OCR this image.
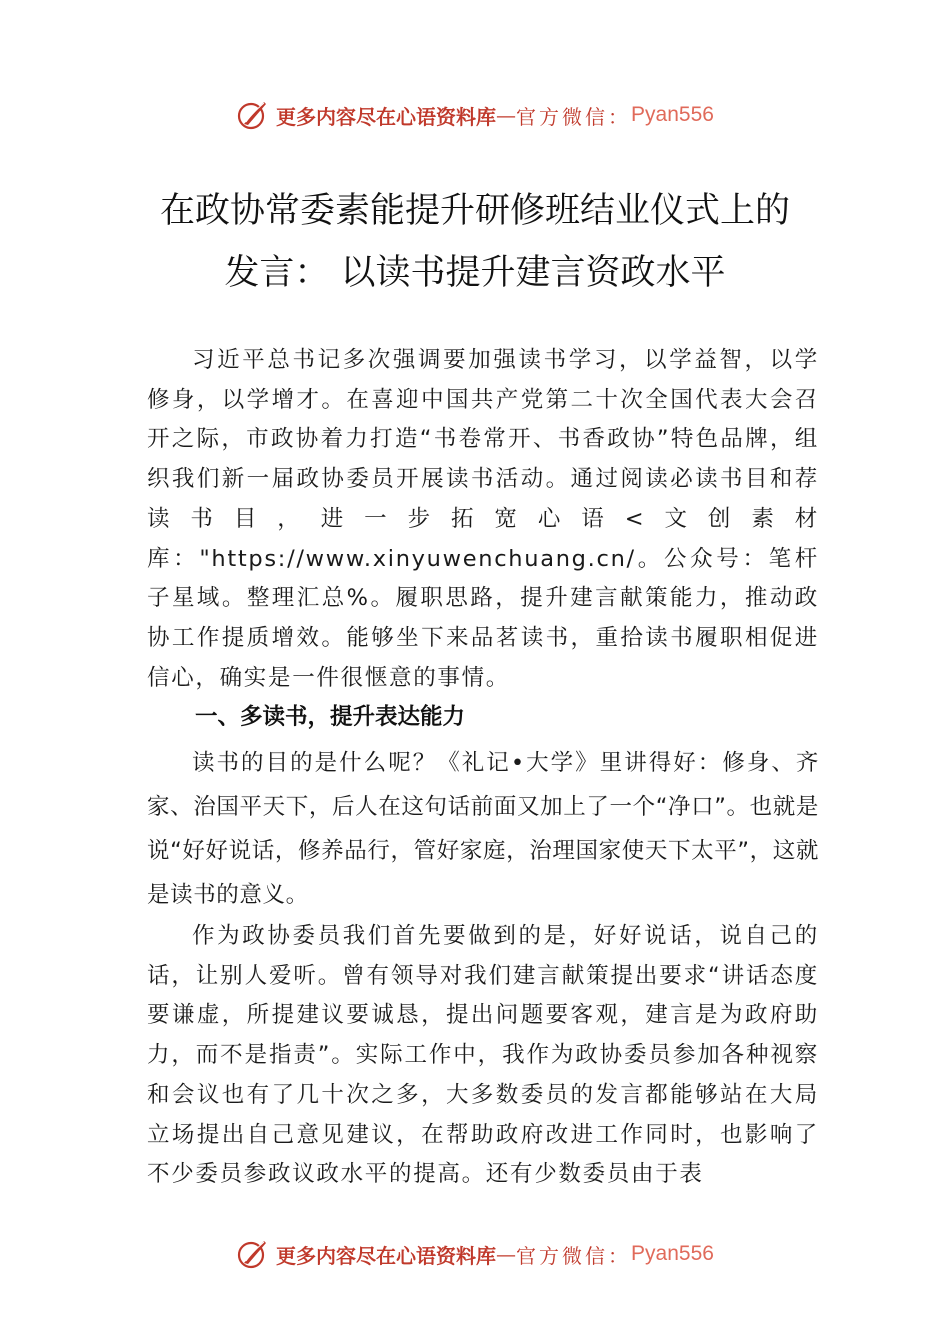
更多内容尽在心语资料库 — 官方微信： Pyan556
在政协常委素能提升研修班结业仪式上的
发言： 以读书提升建言资政水平

习近平总书记多次强调要加强读书学习，以学益智，以学修身，以学增才。在喜迎中国共产党第二十次全国代表大会召开之际，市政协着力打造“书卷常开、书香政协”特色品牌，组织我们新一届政协委员开展读书活动。通过阅读必读书目和荐读书目，进一步拓宽心语<文创素材库："https://www.xinyuwenchuang.cn/。公众号：笔杆子星域。整理汇总%。履职思路，提升建言献策能力，推动政协工作提质增效。能够坐下来品茗读书，重拾读书履职相促进信心，确实是一件很惬意的事情。

一、多读书，提升表达能力

读书的目的是什么呢？《礼记•大学》里讲得好：修身、齐家、治国平天下，后人在这句话前面又加上了一个“净口”。也就是说“好好说话，修养品行，管好家庭，治理国家使天下太平”，这就是读书的意义。

作为政协委员我们首先要做到的是，好好说话，说自己的话，让别人爱听。曾有领导对我们建言献策提出要求“讲话态度要谦虚，所提建议要诚恳，提出问题要客观，建言是为政府助力，而不是指责”。实际工作中，我作为政协委员参加各种视察和会议也有了几十次之多，大多数委员的发言都能够站在大局立场提出自己意见建议，在帮助政府改进工作同时，也影响了不少委员参政议政水平的提高。还有少数委员由于表

更多内容尽在心语资料库 — 官方微信： Pyan556
